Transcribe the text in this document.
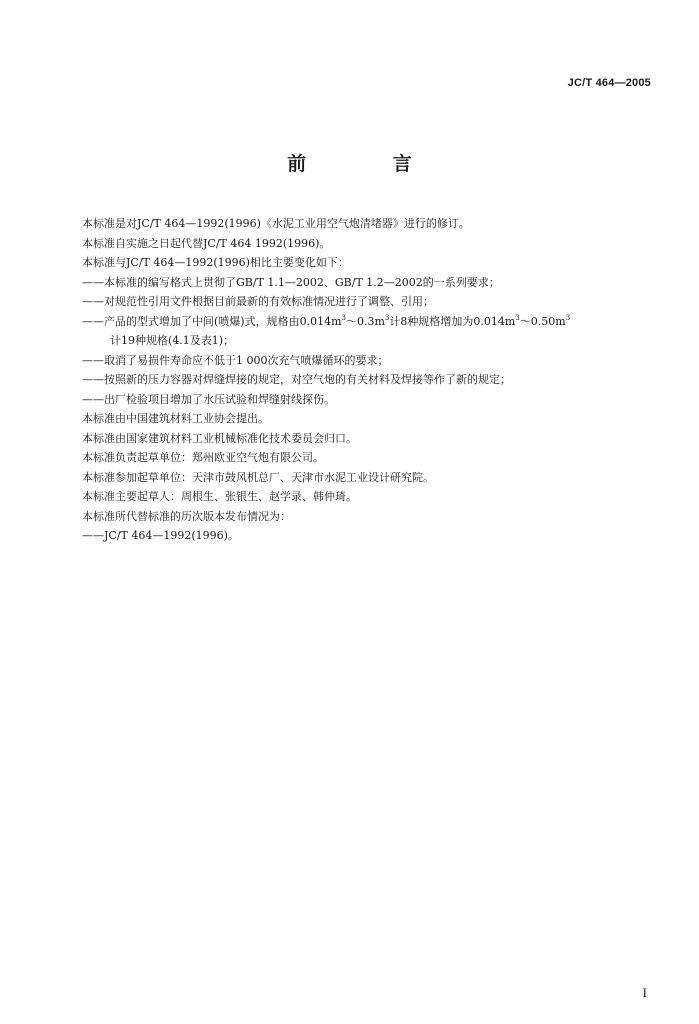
JC/T 464—2005
前 言

本标准是对JC/T 464—1992(1996)《水泥工业用空气炮清堵器》进行的修订。

本标准自实施之日起代替JC/T 464 1992(1996)。

本标准与JC/T 464—1992(1996)相比主要变化如下：

——本标准的编写格式上贯彻了GB/T 1.1—2002、GB/T 1.2—2002的一系列要求；

——对规范性引用文件根据目前最新的有效标准情况进行了调整、引用；

——产品的型式增加了中间(喷爆)式，规格由$0.014m^3\sim 0.3m^3$计8种规格增加为$0.014m^3\sim 0.50m^3$

计19种规格(4.1及表1)；

——取消了易损件寿命应不低于1 000次充气喷爆循环的要求；

——按照新的压力容器对焊缝焊接的规定，对空气炮的有关材料及焊接等作了新的规定；

——出厂检验项目增加了水压试验和焊缝射线探伤。

本标准由中国建筑材料工业协会提出。

本标准由国家建筑材料工业机械标准化技术委员会归口。

本标准负责起草单位：郑州欧亚空气炮有限公司。

本标准参加起草单位：天津市鼓风机总厂、天津市水泥工业设计研究院。

本标准主要起草人：周根生、张银生、赵学录、韩仲琦。

本标准所代替标准的历次版本发布情况为：

——JC/T 464—1992(1996)。

I
